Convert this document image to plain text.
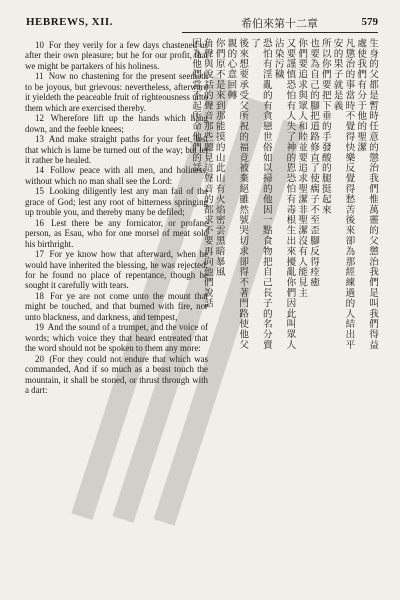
HEBREWS, XII.	希伯來第十二章	579

10 For they verily for a few days chastened us after their own pleasure; but he for our profit, that we might be partakers of his holiness.

11 Now no chastening for the present seemeth to be joyous, but grievous: nevertheless, afterward it yieldeth the peaceable fruit of righteousness unto them which are exercised thereby.

12 Wherefore lift up the hands which hang down, and the feeble knees;

13 And make straight paths for your feet, lest that which is lame be turned out of the way; but let it rather be healed.

14 Follow peace with all men, and holiness, without which no man shall see the Lord:

15 Looking diligently lest any man fail of the grace of God; lest any root of bitterness springing up trouble you, and thereby many be defiled;

16 Lest there be any fornicator, or profane person, as Esau, who for one morsel of meat sold his birthright.

17 For ye know how that afterward, when he would have inherited the blessing, he was rejected: for he found no place of repentance, though he sought it carefully with tears.

18 For ye are not come unto the mount that might be touched, and that burned with fire, nor unto blackness, and darkness, and tempest,

19 And the sound of a trumpet, and the voice of words; which voice they that heard entreated that the word should not be spoken to them any more:

20 (For they could not endure that which was commanded, And if so much as a beast touch the mountain, it shall be stoned, or thrust through with a dart:

生身的父都是暫時任意的懲治我們惟萬靈的父懲治我們是叫我們得益處使我們有分于他的聖潔
凡懲治的事當時不覺得快樂反覺得愁苦後來卻為那經練過的人結出平安的果子就是義
所以你們要把下垂的手發酸的腿挺起來
也要為自己的腳把道路修直了使瘸子不至歪腳反得痊癒
你們要追求與眾人和睦並要追求聖潔非聖潔沒有人能見主
又要謹慎恐怕有人失了神的恩恐怕有毒根生出來擾亂你們因此叫眾人沾染污穢
恐怕有淫亂的有貪戀世俗如以掃的他因一點食物把自己長子的名分賣了
後來想要承受父所祝的福竟被棄絕雖然號哭切求卻得不著門路使他父親的心意回轉
你們原不是來到那能摸的山此山有火焰密雲黑暗暴風
角聲與說話的聲音那些聽見這聲音的都求不要再向他們說話
因為他們當不起所命他們的話
